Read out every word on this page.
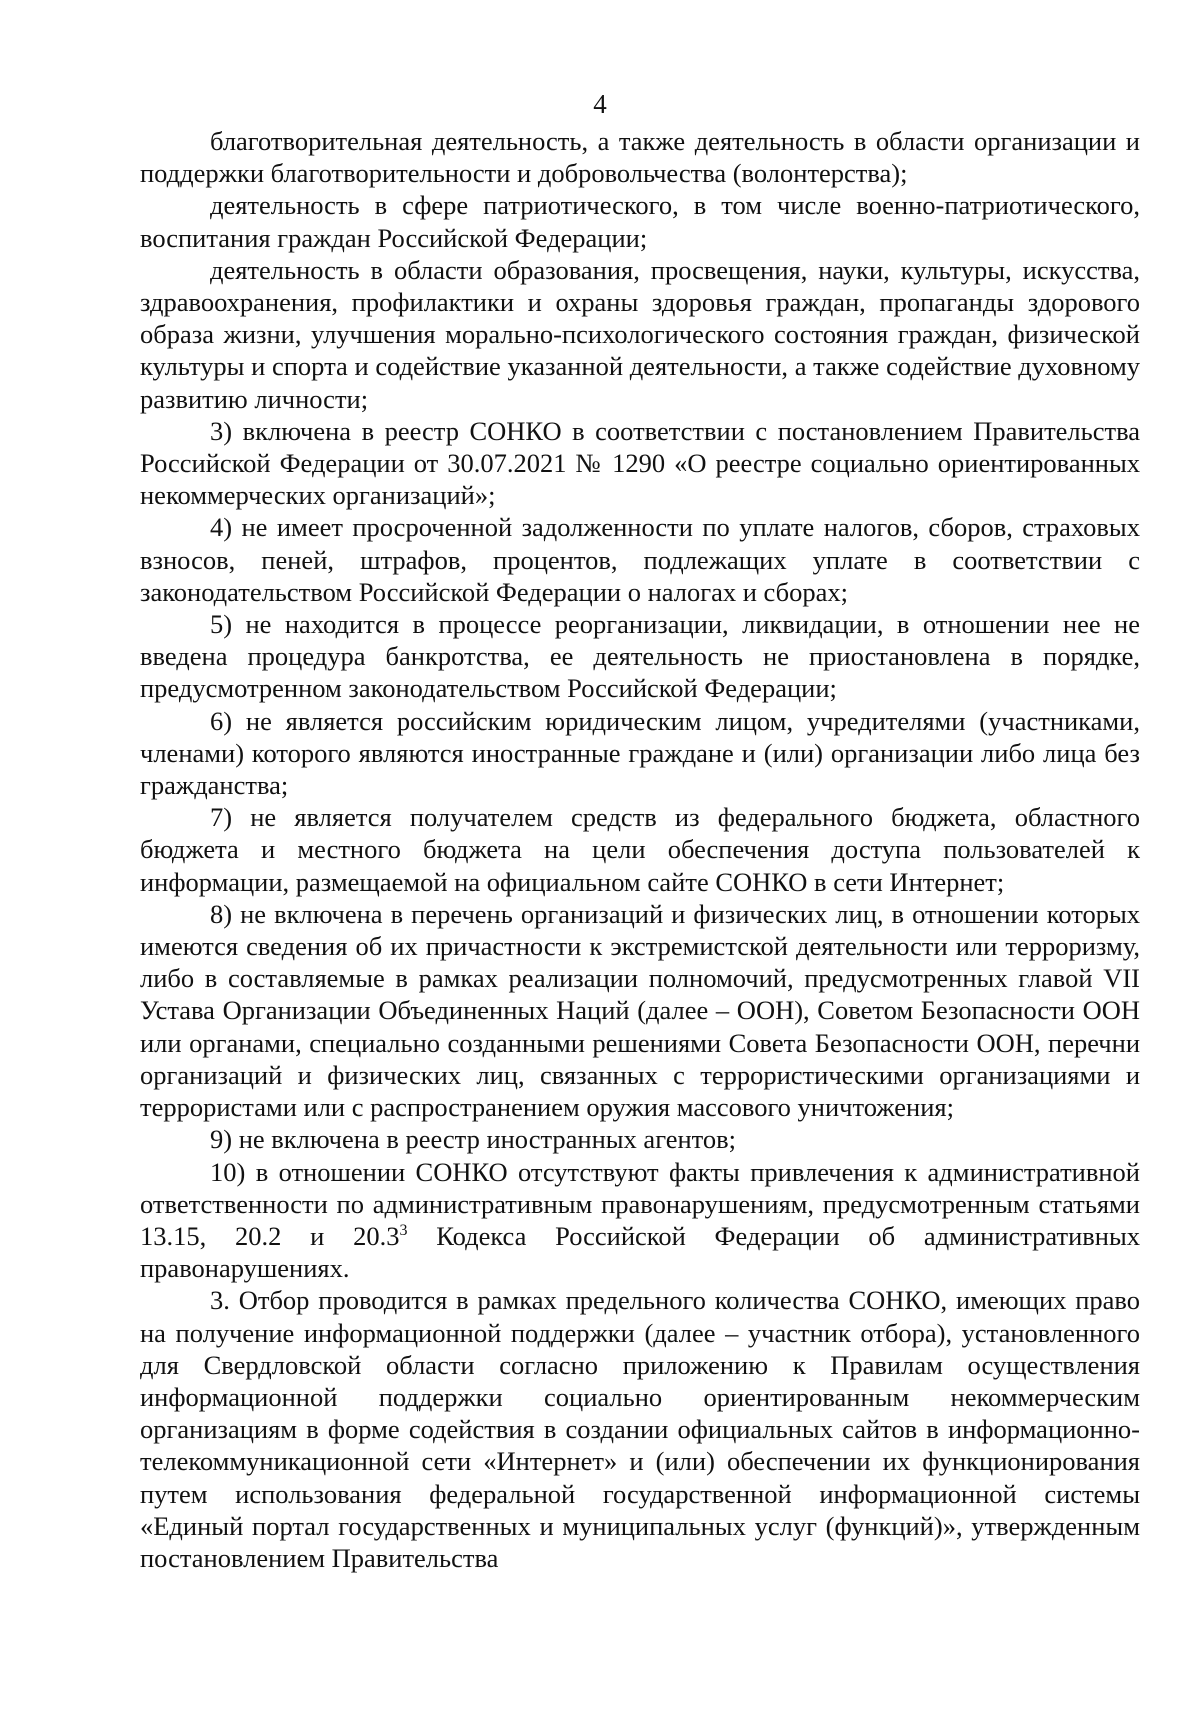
4

благотворительная деятельность, а также деятельность в области организации и поддержки благотворительности и добровольчества (волонтерства);

деятельность в сфере патриотического, в том числе военно-патриотического, воспитания граждан Российской Федерации;

деятельность в области образования, просвещения, науки, культуры, искусства, здравоохранения, профилактики и охраны здоровья граждан, пропаганды здорового образа жизни, улучшения морально-психологического состояния граждан, физической культуры и спорта и содействие указанной деятельности, а также содействие духовному развитию личности;

3) включена в реестр СОНКО в соответствии с постановлением Правительства Российской Федерации от 30.07.2021 № 1290 «О реестре социально ориентированных некоммерческих организаций»;

4) не имеет просроченной задолженности по уплате налогов, сборов, страховых взносов, пеней, штрафов, процентов, подлежащих уплате в соответствии с законодательством Российской Федерации о налогах и сборах;

5) не находится в процессе реорганизации, ликвидации, в отношении нее не введена процедура банкротства, ее деятельность не приостановлена в порядке, предусмотренном законодательством Российской Федерации;

6) не является российским юридическим лицом, учредителями (участниками, членами) которого являются иностранные граждане и (или) организации либо лица без гражданства;

7) не является получателем средств из федерального бюджета, областного бюджета и местного бюджета на цели обеспечения доступа пользователей к информации, размещаемой на официальном сайте СОНКО в сети Интернет;

8) не включена в перечень организаций и физических лиц, в отношении которых имеются сведения об их причастности к экстремистской деятельности или терроризму, либо в составляемые в рамках реализации полномочий, предусмотренных главой VII Устава Организации Объединенных Наций (далее – ООН), Советом Безопасности ООН или органами, специально созданными решениями Совета Безопасности ООН, перечни организаций и физических лиц, связанных с террористическими организациями и террористами или с распространением оружия массового уничтожения;

9) не включена в реестр иностранных агентов;

10) в отношении СОНКО отсутствуют факты привлечения к административной ответственности по административным правонарушениям, предусмотренным статьями 13.15, 20.2 и 20.3$^3$ Кодекса Российской Федерации об административных правонарушениях.

3. Отбор проводится в рамках предельного количества СОНКО, имеющих право на получение информационной поддержки (далее – участник отбора), установленного для Свердловской области согласно приложению к Правилам осуществления информационной поддержки социально ориентированным некоммерческим организациям в форме содействия в создании официальных сайтов в информационно-телекоммуникационной сети «Интернет» и (или) обеспечении их функционирования путем использования федеральной государственной информационной системы «Единый портал государственных и муниципальных услуг (функций)», утвержденным постановлением Правительства
